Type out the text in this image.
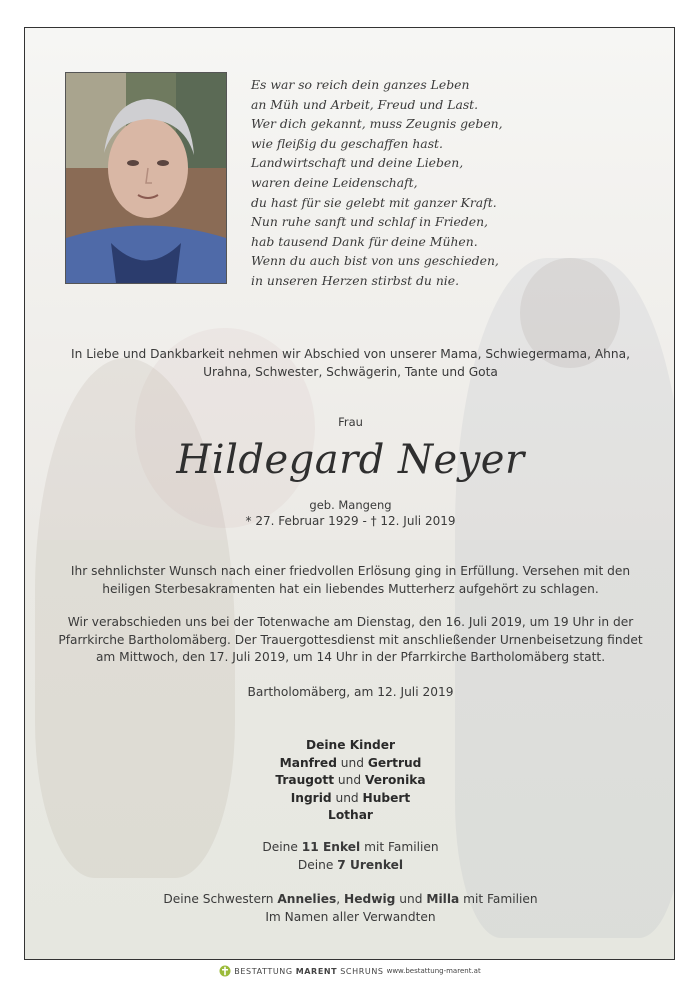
Es war so reich dein ganzes Leben
an Müh und Arbeit, Freud und Last.
Wer dich gekannt, muss Zeugnis geben,
wie fleißig du geschaffen hast.
Landwirtschaft und deine Lieben,
waren deine Leidenschaft,
du hast für sie gelebt mit ganzer Kraft.
Nun ruhe sanft und schlaf in Frieden,
hab tausend Dank für deine Mühen.
Wenn du auch bist von uns geschieden,
in unseren Herzen stirbst du nie.
In Liebe und Dankbarkeit nehmen wir Abschied von unserer Mama, Schwiegermama, Ahna,
Urahna, Schwester, Schwägerin, Tante und Gota
Frau
Hildegard Neyer
geb. Mangeng
* 27. Februar 1929 - † 12. Juli 2019
Ihr sehnlichster Wunsch nach einer friedvollen Erlösung ging in Erfüllung. Versehen mit den
heiligen Sterbesakramenten hat ein liebendes Mutterherz aufgehört zu schlagen.
Wir verabschieden uns bei der Totenwache am Dienstag, den 16. Juli 2019, um 19 Uhr in der
Pfarrkirche Bartholomäberg. Der Trauergottesdienst mit anschließender Urnenbeisetzung findet
am Mittwoch, den 17. Juli 2019, um 14 Uhr in der Pfarrkirche Bartholomäberg statt.
Bartholomäberg, am 12. Juli 2019
Deine Kinder
Manfred und Gertrud
Traugott und Veronika
Ingrid und Hubert
Lothar
Deine 11 Enkel mit Familien
Deine 7 Urenkel
Deine Schwestern Annelies, Hedwig und Milla mit Familien
Im Namen aller Verwandten
BESTATTUNG MARENT SCHRUNS www.bestattung-marent.at
